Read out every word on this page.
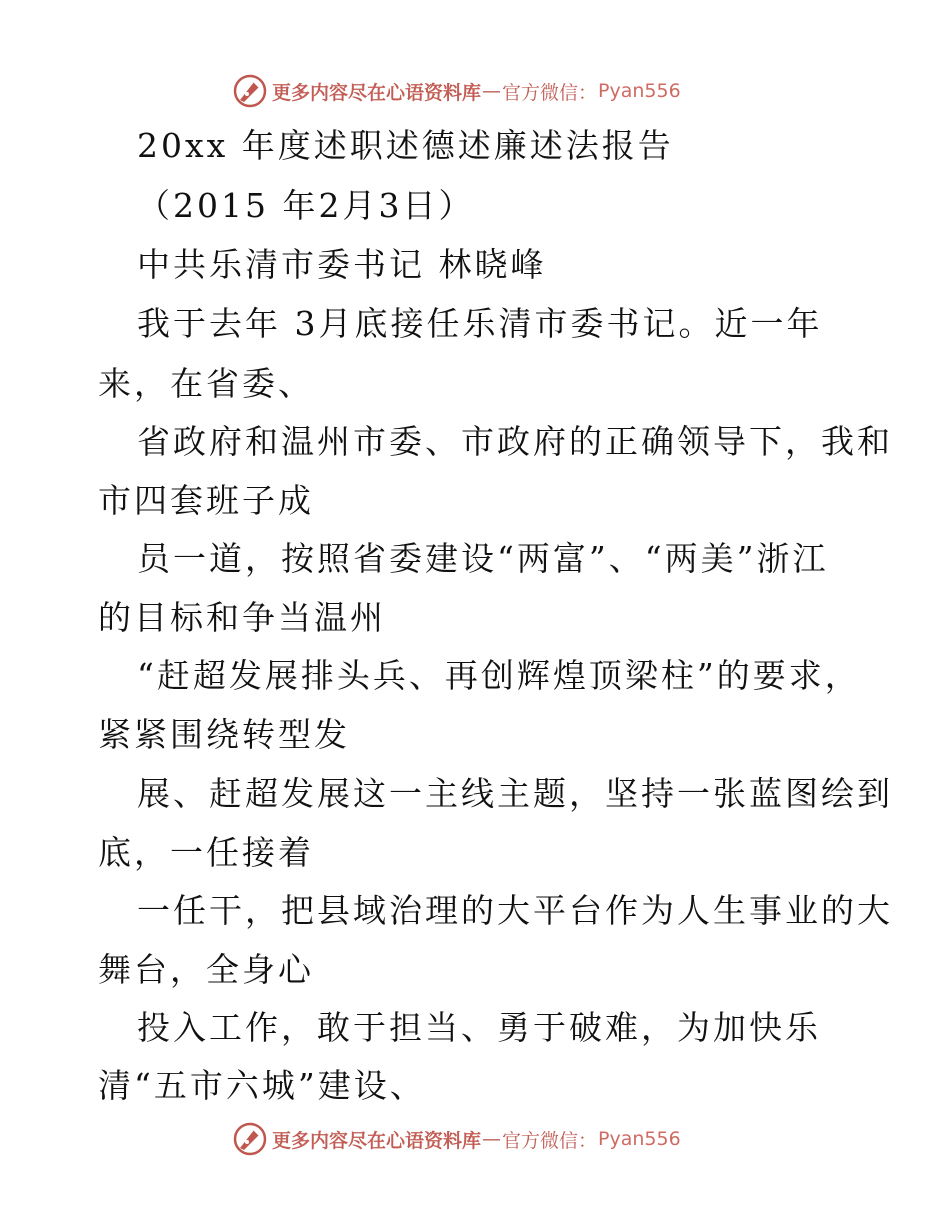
更多内容尽在心语资料库 — 官方微信： Pyan556
20xx 年度述职述德述廉述法报告
（2015 年2月3日）
中共乐清市委书记 林晓峰
我于去年 3月底接任乐清市委书记。近一年
来，在省委、
省政府和温州市委、市政府的正确领导下，我和
市四套班子成
员一道，按照省委建设“两富”、“两美”浙江
的目标和争当温州
“赶超发展排头兵、再创辉煌顶梁柱”的要求，
紧紧围绕转型发
展、赶超发展这一主线主题，坚持一张蓝图绘到
底，一任接着
一任干，把县域治理的大平台作为人生事业的大
舞台，全身心
投入工作，敢于担当、勇于破难，为加快乐
清“五市六城”建设、
更多内容尽在心语资料库 — 官方微信： Pyan556
